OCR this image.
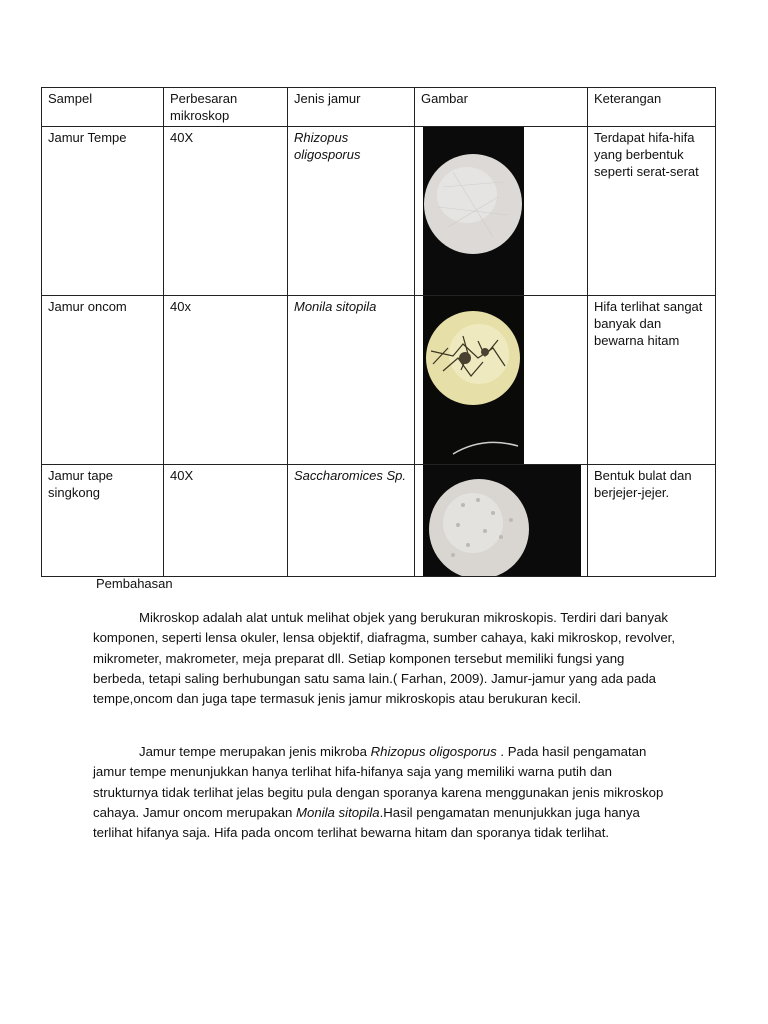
Sampel	Perbesaran mikroskop	Jenis jamur	Gambar	Keterangan
Jamur Tempe	40X	Rhizopus oligosporus		Terdapat hifa-hifa yang berbentuk seperti serat-serat
Jamur oncom	40x	Monila sitopila		Hifa terlihat sangat banyak dan bewarna hitam
Jamur tape singkong	40X	Saccharomices Sp.		Bentuk bulat dan berjejer-jejer.
Pembahasan

Mikroskop adalah alat untuk melihat objek yang berukuran mikroskopis. Terdiri dari banyak komponen, seperti lensa okuler, lensa objektif, diafragma, sumber cahaya, kaki mikroskop, revolver, mikrometer, makrometer, meja preparat dll. Setiap komponen tersebut memiliki fungsi yang berbeda, tetapi saling berhubungan satu sama lain.( Farhan, 2009). Jamur-jamur yang ada pada tempe,oncom dan juga tape termasuk jenis jamur mikroskopis atau berukuran kecil.

Jamur tempe merupakan jenis mikroba Rhizopus oligosporus . Pada hasil pengamatan jamur tempe menunjukkan hanya terlihat hifa-hifanya saja yang memiliki warna putih dan strukturnya tidak terlihat jelas begitu pula dengan sporanya karena menggunakan jenis mikroskop cahaya. Jamur oncom merupakan Monila sitopila.Hasil pengamatan menunjukkan juga hanya terlihat hifanya saja. Hifa pada oncom terlihat bewarna hitam dan sporanya tidak terlihat.
